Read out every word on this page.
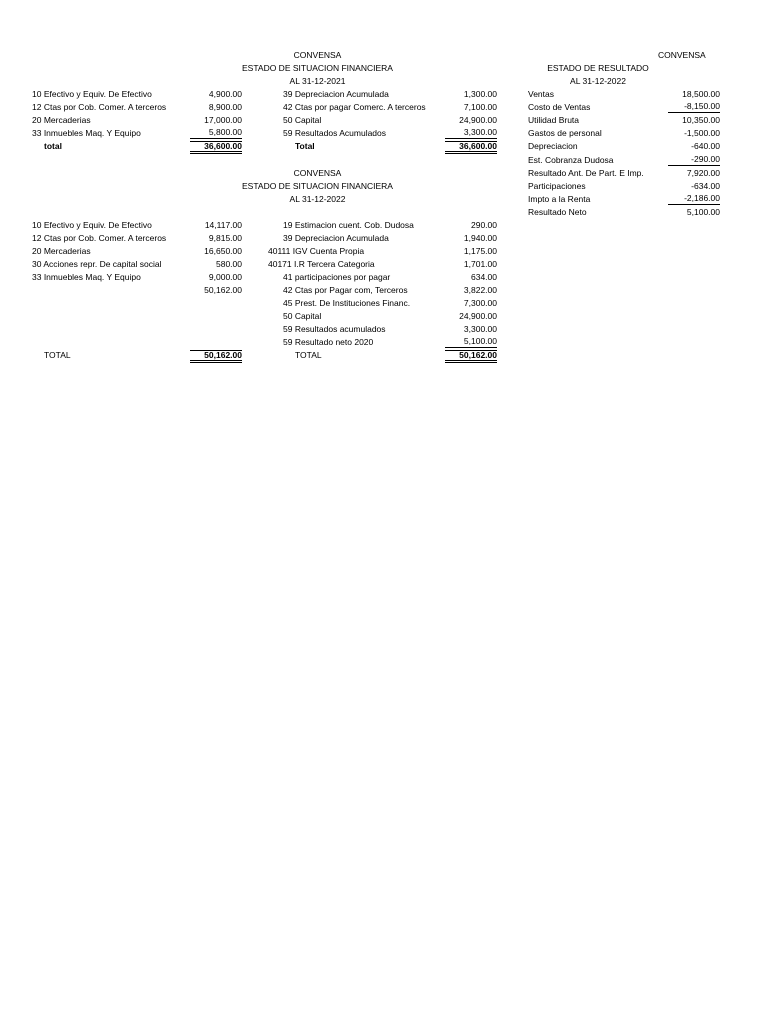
CONVENSA
ESTADO DE SITUACION FINANCIERA
AL 31-12-2021
10 Efectivo y Equiv. De Efectivo	4,900.00
12 Ctas por Cob. Comer. A terceros	8,900.00
20 Mercaderias	17,000.00
33 Inmuebles Maq. Y Equipo	5,800.00
total	36,600.00
39 Depreciacion Acumulada	1,300.00
42 Ctas por pagar Comerc. A terceros	7,100.00
50 Capital	24,900.00
59 Resultados Acumulados	3,300.00
Total	36,600.00
CONVENSA
ESTADO DE SITUACION FINANCIERA
AL 31-12-2022
10 Efectivo y Equiv. De Efectivo	14,117.00
12 Ctas por Cob. Comer. A terceros	9,815.00
20 Mercaderias	16,650.00
30 Acciones repr. De capital social	580.00
33 Inmuebles Maq. Y Equipo	9,000.00
50,162.00
TOTAL	50,162.00
19 Estimacion cuent. Cob. Dudosa	290.00
39 Depreciacion Acumulada	1,940.00
40111 IGV Cuenta Propia	1,175.00
40171 I.R Tercera Categoria	1,701.00
41 participaciones por pagar	634.00
42 Ctas por Pagar com, Terceros	3,822.00
45 Prest. De Instituciones Financ.	7,300.00
50 Capital	24,900.00
59 Resultados acumulados	3,300.00
59 Resultado neto 2020	5,100.00
TOTAL	50,162.00
CONVENSA
ESTADO DE RESULTADO
AL 31-12-2022
Ventas	18,500.00
Costo de Ventas	-8,150.00
Utilidad Bruta	10,350.00
Gastos de personal	-1,500.00
Depreciacion	-640.00
Est. Cobranza Dudosa	-290.00
Resultado Ant. De Part. E Imp.	7,920.00
Participaciones	-634.00
Impto a la Renta	-2,186.00
Resultado Neto	5,100.00
